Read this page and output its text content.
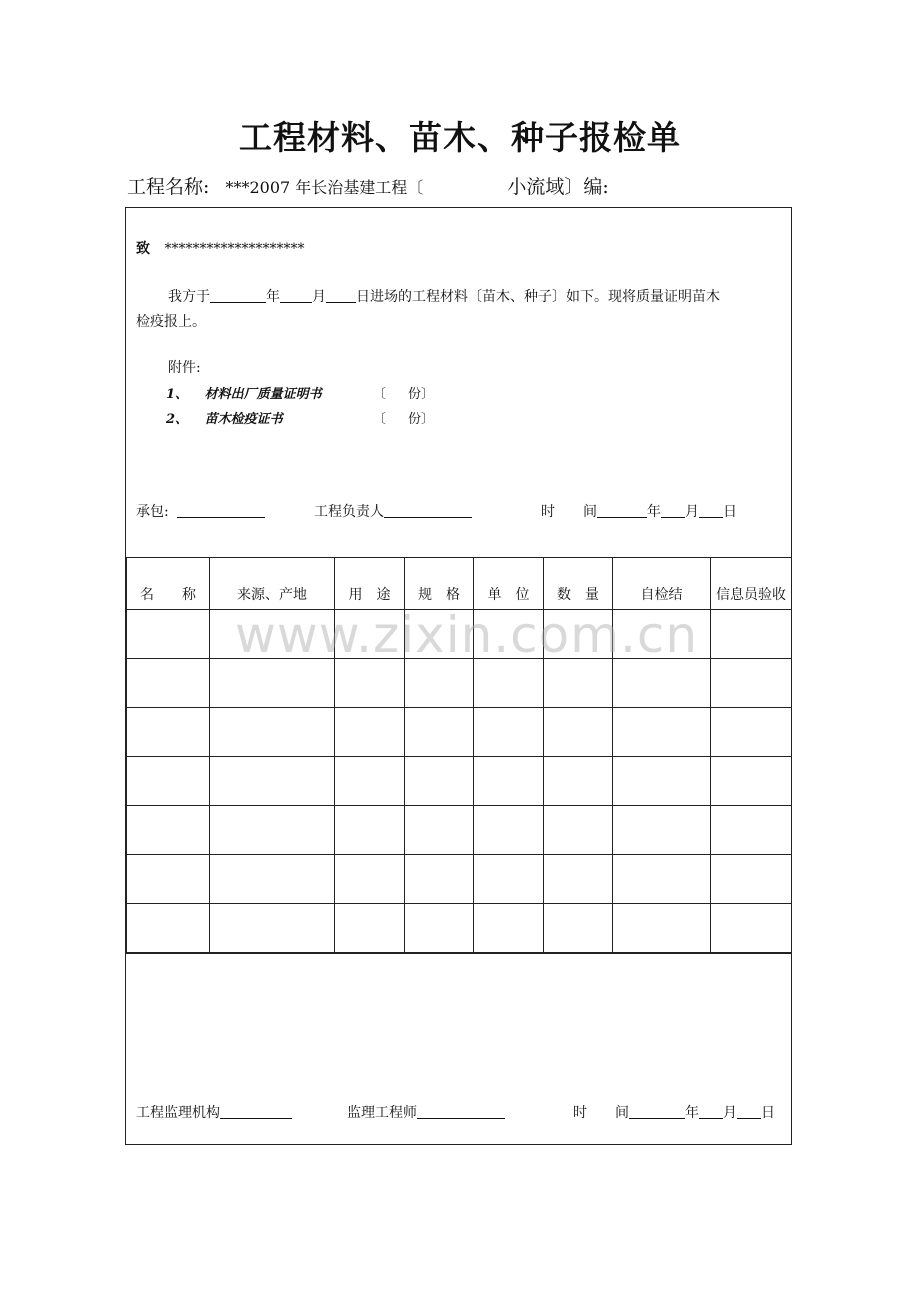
工程材料、苗木、种子报检单
工程名称: ***2007 年长治基建工程〔	小流域〕编:
致 ********************
我方于	年 月 日进场的工程材料〔苗木、种子〕如下。现将质量证明苗木
检疫报上。
附件:
1、 材料出厂质量证明书	〔 份〕
2、 苗木检疫证书	〔 份〕
承包:	工程负责人	时　　间	年 月 日
名　　称	来源、产地	用　途	规　格	单　位	数　量	自检结	信息员验收

工程监理机构	监理工程师	时　　间	年 月 日
www.zixin.com.cn
